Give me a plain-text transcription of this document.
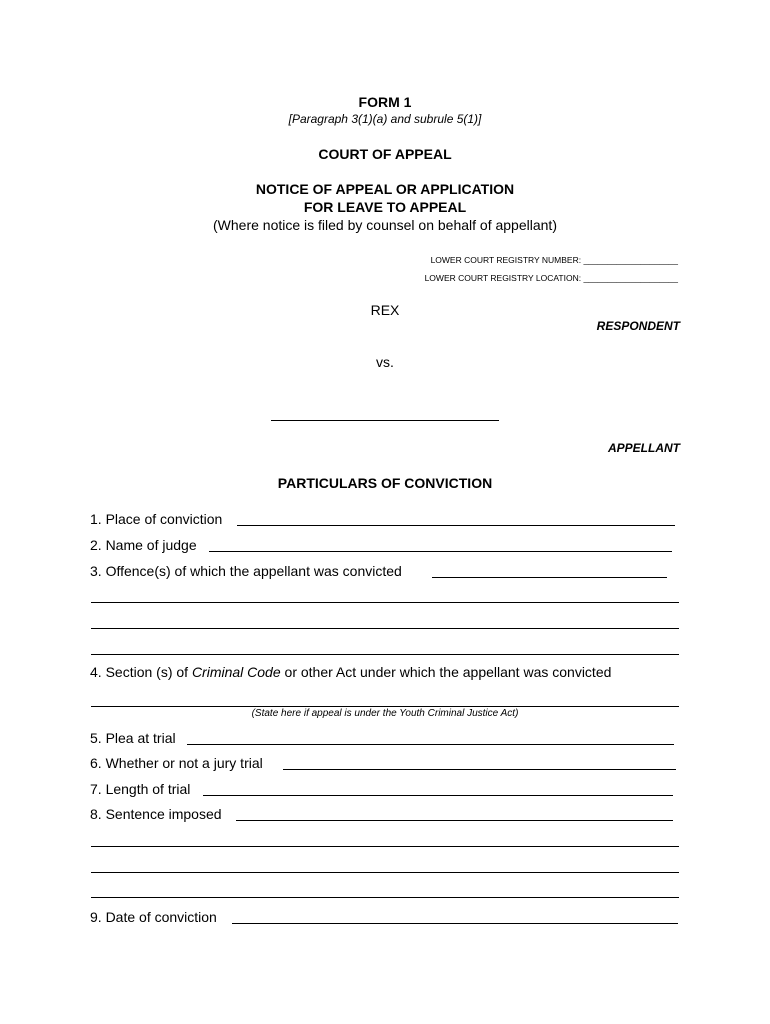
FORM 1
[Paragraph 3(1)(a) and subrule 5(1)]
COURT OF APPEAL
NOTICE OF APPEAL OR APPLICATION
FOR LEAVE TO APPEAL
(Where notice is filed by counsel on behalf of appellant)
LOWER COURT REGISTRY NUMBER: ____________________
LOWER COURT REGISTRY LOCATION: ____________________
REX
RESPONDENT
vs.
APPELLANT
PARTICULARS OF CONVICTION
1. Place of conviction
2. Name of judge
3. Offence(s) of which the appellant was convicted
4. Section (s) of Criminal Code or other Act under which the appellant was convicted
(State here if appeal is under the Youth Criminal Justice Act)
5. Plea at trial
6. Whether or not a jury trial
7. Length of trial
8. Sentence imposed
9. Date of conviction
